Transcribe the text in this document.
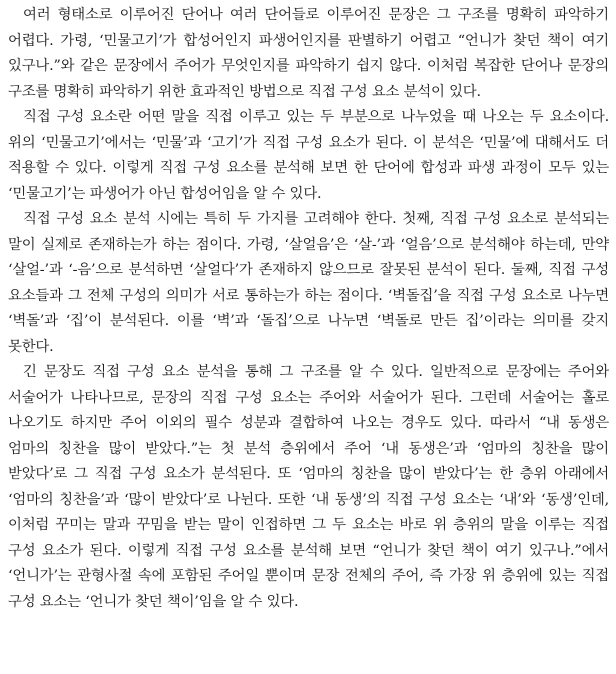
여러 형태소로 이루어진 단어나 여러 단어들로 이루어진 문장은 그 구조를 명확히 파악하기 어렵다. 가령, ‘민물고기’가 합성어인지 파생어인지를 판별하기 어렵고 “언니가 찾던 책이 여기 있구나.”와 같은 문장에서 주어가 무엇인지를 파악하기 쉽지 않다. 이처럼 복잡한 단어나 문장의 구조를 명확히 파악하기 위한 효과적인 방법으로 직접 구성 요소 분석이 있다.

직접 구성 요소란 어떤 말을 직접 이루고 있는 두 부분으로 나누었을 때 나오는 두 요소이다. 위의 ‘민물고기’에서는 ‘민물’과 ‘고기’가 직접 구성 요소가 된다. 이 분석은 ‘민물’에 대해서도 더 적용할 수 있다. 이렇게 직접 구성 요소를 분석해 보면 한 단어에 합성과 파생 과정이 모두 있는 ‘민물고기’는 파생어가 아닌 합성어임을 알 수 있다.

직접 구성 요소 분석 시에는 특히 두 가지를 고려해야 한다. 첫째, 직접 구성 요소로 분석되는 말이 실제로 존재하는가 하는 점이다. 가령, ‘살얼음’은 ‘살-’과 ‘얼음’으로 분석해야 하는데, 만약 ‘살얼-’과 ‘-음’으로 분석하면 ‘살얼다’가 존재하지 않으므로 잘못된 분석이 된다. 둘째, 직접 구성 요소들과 그 전체 구성의 의미가 서로 통하는가 하는 점이다. ‘벽돌집’을 직접 구성 요소로 나누면 ‘벽돌’과 ‘집’이 분석된다. 이를 ‘벽’과 ‘돌집’으로 나누면 ‘벽돌로 만든 집’이라는 의미를 갖지 못한다.

긴 문장도 직접 구성 요소 분석을 통해 그 구조를 알 수 있다. 일반적으로 문장에는 주어와 서술어가 나타나므로, 문장의 직접 구성 요소는 주어와 서술어가 된다. 그런데 서술어는 홀로 나오기도 하지만 주어 이외의 필수 성분과 결합하여 나오는 경우도 있다. 따라서 “내 동생은 엄마의 칭찬을 많이 받았다.”는 첫 분석 층위에서 주어 ‘내 동생은’과 ‘엄마의 칭찬을 많이 받았다’로 그 직접 구성 요소가 분석된다. 또 ‘엄마의 칭찬을 많이 받았다’는 한 층위 아래에서 ‘엄마의 칭찬을’과 ‘많이 받았다’로 나뉜다. 또한 ‘내 동생’의 직접 구성 요소는 ‘내’와 ‘동생’인데, 이처럼 꾸미는 말과 꾸밈을 받는 말이 인접하면 그 두 요소는 바로 위 층위의 말을 이루는 직접 구성 요소가 된다. 이렇게 직접 구성 요소를 분석해 보면 “언니가 찾던 책이 여기 있구나.”에서 ‘언니가’는 관형사절 속에 포함된 주어일 뿐이며 문장 전체의 주어, 즉 가장 위 층위에 있는 직접 구성 요소는 ‘언니가 찾던 책이’임을 알 수 있다.
